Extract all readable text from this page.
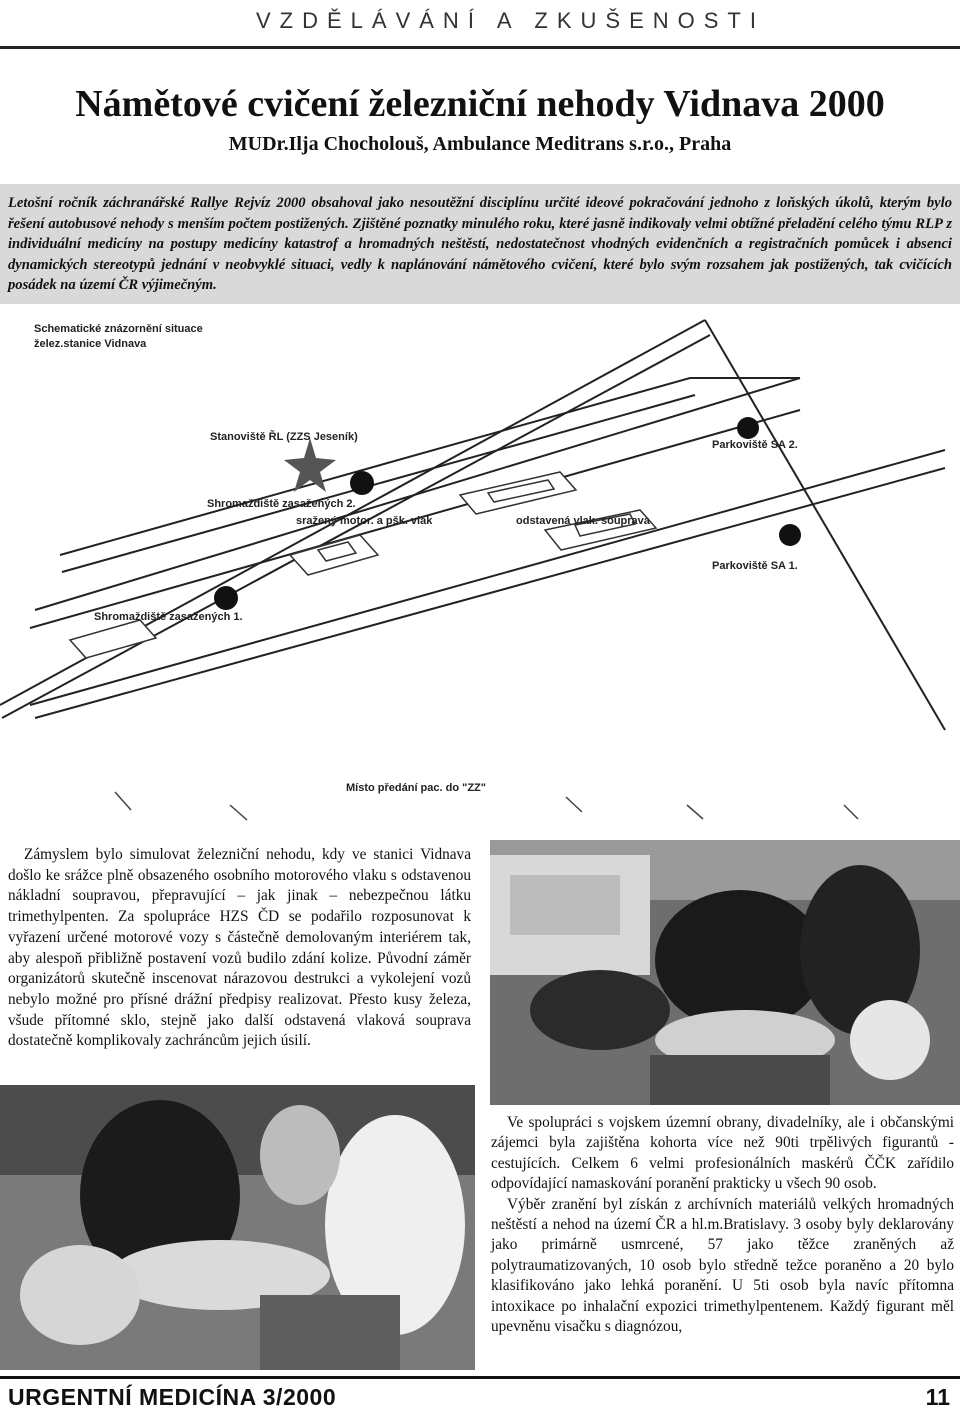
VZDĚLÁVÁNÍ A ZKUŠENOSTI
Námětové cvičení železniční nehody Vidnava 2000
MUDr.Ilja Chocholouš, Ambulance Meditrans s.r.o., Praha
Letošní ročník záchranářské Rallye Rejvíz 2000 obsahoval jako nesoutěžní disciplínu určité ideové pokračování jednoho z loňských úkolů, kterým bylo řešení autobusové nehody s menším počtem postižených. Zjištěné poznatky minulého roku, které jasně indikovaly velmi obtížné přeladění celého týmu RLP z individuální medicíny na postupy medicíny katastrof a hromadných neštěstí, nedostatečnost vhodných evidenčních a registračních pomůcek i absenci dynamických stereotypů jednání v neobvyklé situaci, vedly k naplánování námětového cvičení, které bylo svým rozsahem jak postižených, tak cvičících posádek na území ČR výjimečným.
Schematické znázornění situace
želez.stanice Vidnava
Stanoviště ŘL (ZZS Jeseník)
Parkoviště SA 2.
Parkoviště SA 1.
Shromaždiště zasažených 2.
Shromaždiště zasažených 1.
sražený motor. a pšk. vlak	odstavená vlak. souprava
Místo předání pac. do "ZZ"

Zámyslem bylo simulovat železniční nehodu, kdy ve stanici Vidnava došlo ke srážce plně obsazeného osobního motorového vlaku s odstavenou nákladní soupravou, přepravující – jak jinak – nebezpečnou látku trimethylpenten. Za spolupráce HZS ČD se podařilo rozposunovat k vyřazení určené motorové vozy s částečně demolovaným interiérem tak, aby alespoň přibližně postavení vozů budilo zdání kolize. Původní záměr organizátorů skutečně inscenovat nárazovou destrukci a vykolejení vozů nebylo možné pro přísné drážní předpisy realizovat. Přesto kusy železa, všude přítomné sklo, stejně jako další odstavená vlaková souprava dostatečně komplikovaly zachráncům jejich úsilí.

Ve spolupráci s vojskem územní obrany, divadelníky, ale i občanskými zájemci byla zajištěna kohorta více než 90ti trpělivých figurantů - cestujících. Celkem 6 velmi profesionálních maskérů ČČK zařídilo odpovídající namaskování poranění prakticky u všech 90 osob.

Výběr zranění byl získán z archívních materiálů velkých hromadných neštěstí a nehod na území ČR a hl.m.Bratislavy. 3 osoby byly deklarovány jako primárně usmrcené, 57 jako těžce zraněných až polytraumatizovaných, 10 osob bylo středně težce poraněno a 20 bylo klasifikováno jako lehká poranění. U 5ti osob byla navíc přítomna intoxikace po inhalační expozici trimethylpentenem. Každý figurant měl upevněnu visačku s diagnózou,

URGENTNÍ MEDICÍNA 3/2000	11
